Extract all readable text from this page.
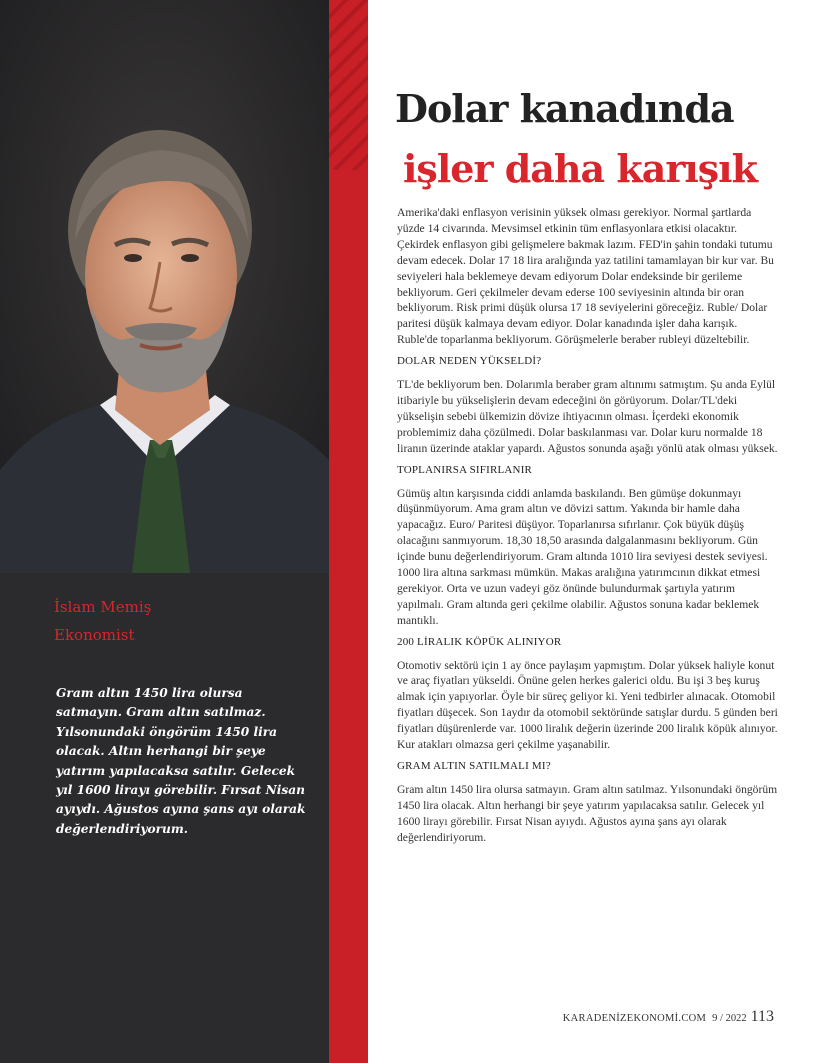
İslam Memiş
Ekonomist
Gram altın 1450 lira olursa satmayın. Gram altın satılmaz. Yılsonundaki öngörüm 1450 lira olacak. Altın herhangi bir şeye yatırım yapılacaksa satılır. Gelecek yıl 1600 lirayı görebilir. Fırsat Nisan ayıydı. Ağustos ayına şans ayı olarak değerlendiriyorum.
Dolar kanadında
işler daha karışık

Amerika'daki enflasyon verisinin yüksek olması gerekiyor. Normal şartlarda yüzde 14 civarında. Mevsimsel etkinin tüm enflasyonlara etkisi olacaktır. Çekirdek enflasyon gibi gelişmelere bakmak lazım. FED'in şahin tondaki tutumu devam edecek. Dolar 17 18 lira aralığında yaz tatilini tamamlayan bir kur var. Bu seviyeleri hala beklemeye devam ediyorum Dolar endeksinde bir gerileme bekliyorum. Geri çekilmeler devam ederse 100 seviyesinin altında bir oran bekliyorum. Risk primi düşük olursa 17 18 seviyelerini göreceğiz. Ruble/ Dolar paritesi düşük kalmaya devam ediyor. Dolar kanadında işler daha karışık. Ruble'de toparlanma bekliyorum. Görüşmelerle beraber rubleyi düzeltebilir.

DOLAR NEDEN YÜKSELDİ?

TL'de bekliyorum ben. Dolarımla beraber gram altınımı satmıştım. Şu anda Eylül itibariyle bu yükselişlerin devam edeceğini ön görüyorum. Dolar/TL'deki yükselişin sebebi ülkemizin dövize ihtiyacının olması. İçerdeki ekonomik problemimiz daha çözülmedi. Dolar baskılanması var. Dolar kuru normalde 18 liranın üzerinde ataklar yapardı. Ağustos sonunda aşağı yönlü atak olması yüksek.

TOPLANIRSA SIFIRLANIR

Gümüş altın karşısında ciddi anlamda baskılandı. Ben gümüşe dokunmayı düşünmüyorum. Ama gram altın ve dövizi sattım. Yakında bir hamle daha yapacağız. Euro/ Paritesi düşüyor. Toparlanırsa sıfırlanır. Çok büyük düşüş olacağını sanmıyorum. 18,30 18,50 arasında dalgalanmasını bekliyorum. Gün içinde bunu değerlendiriyorum. Gram altında 1010 lira seviyesi destek seviyesi. 1000 lira altına sarkması mümkün. Makas aralığına yatırımcının dikkat etmesi gerekiyor. Orta ve uzun vadeyi göz önünde bulundurmak şartıyla yatırım yapılmalı. Gram altında geri çekilme olabilir. Ağustos sonuna kadar beklemek mantıklı.

200 LİRALIK KÖPÜK ALINIYOR

Otomotiv sektörü için 1 ay önce paylaşım yapmıştım. Dolar yüksek haliyle konut ve araç fiyatları yükseldi. Önüne gelen herkes galerici oldu. Bu işi 3 beş kuruş almak için yapıyorlar. Öyle bir süreç geliyor ki. Yeni tedbirler alınacak. Otomobil fiyatları düşecek. Son 1aydır da otomobil sektöründe satışlar durdu. 5 günden beri fiyatları düşürenlerde var. 1000 liralık değerin üzerinde 200 liralık köpük alınıyor. Kur atakları olmazsa geri çekilme yaşanabilir.

GRAM ALTIN SATILMALI MI?

Gram altın 1450 lira olursa satmayın. Gram altın satılmaz. Yılsonundaki öngörüm 1450 lira olacak. Altın herhangi bir şeye yatırım yapılacaksa satılır. Gelecek yıl 1600 lirayı görebilir. Fırsat Nisan ayıydı. Ağustos ayına şans ayı olarak değerlendiriyorum.

KARADENİZEKONOMİ.COM 9 / 2022 113
